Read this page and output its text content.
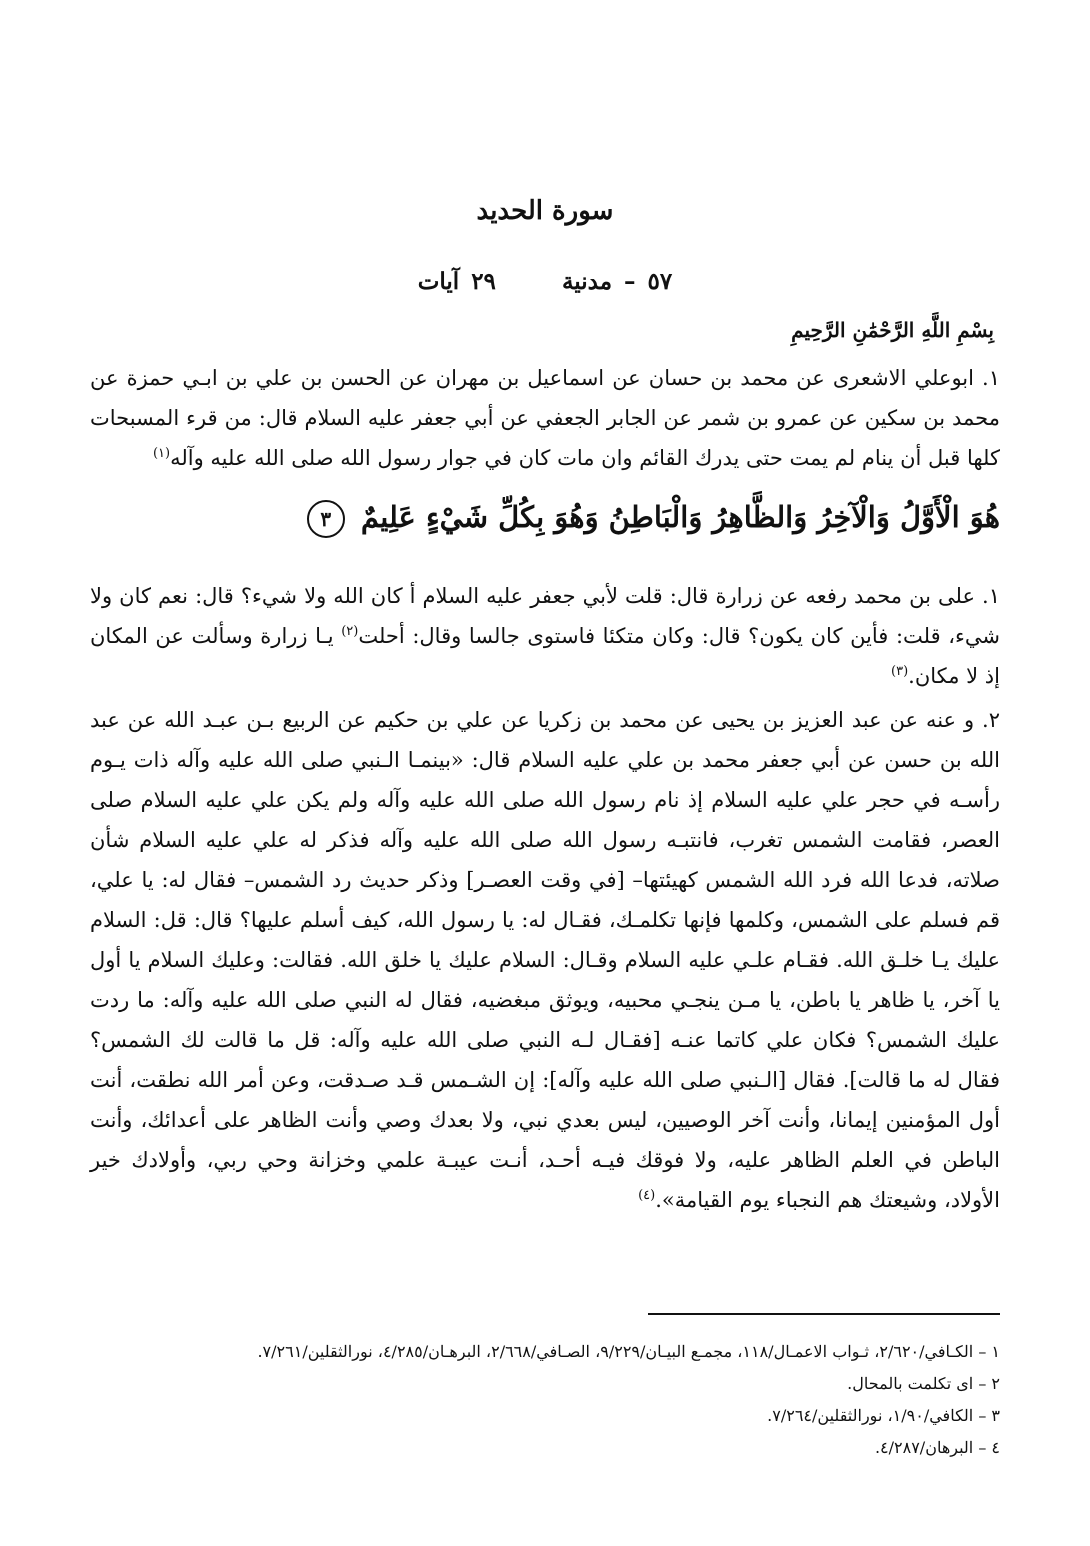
سورة الحديد
٥٧ – مدنية  ٢٩ آيات
بِسْمِ اللَّهِ الرَّحْمَٰنِ الرَّحِيمِ

١. ابوعلي الاشعرى عن محمد بن حسان عن اسماعيل بن مهران عن الحسن بن علي بن ابـي حمزة عن محمد بن سكين عن عمرو بن شمر عن الجابر الجعفي عن أبي جعفر عليه السلام قال: من قرء المسبحات كلها قبل أن ينام لم يمت حتى يدرك القائم وان مات كان في جوار رسول الله صلى الله عليه وآله$^{(١)}$

هُوَ الْأَوَّلُ وَالْآخِرُ وَالظَّاهِرُ وَالْبَاطِنُ وَهُوَ بِكُلِّ شَيْءٍ عَلِيمٌ ٣

١. على بن محمد رفعه عن زرارة قال: قلت لأبي جعفر عليه السلام أ كان الله ولا شيء؟ قال: نعم كان ولا شيء، قلت: فأين كان يكون؟ قال: وكان متكئا فاستوى جالسا وقال: أحلت$^{(٢)}$ يـا زرارة وسألت عن المكان إذ لا مكان.$^{(٣)}$

٢. و عنه عن عبد العزيز بن يحيى عن محمد بن زكريا عن علي بن حكيم عن الربيع بـن عبـد الله عن عبد الله بن حسن عن أبي جعفر محمد بن علي عليه السلام قال: «بينمـا الـنبي صلى الله عليه وآله ذات يـوم رأسـه في حجر علي عليه السلام إذ نام رسول الله صلى الله عليه وآله ولم يكن علي عليه السلام صلى العصر، فقامت الشمس تغرب، فانتبـه رسول الله صلى الله عليه وآله فذكر له علي عليه السلام شأن صلاته، فدعا الله فرد الله الشمس كهيئتها– [في وقت العصـر] وذكر حديث رد الشمس– فقال له: يا علي، قم فسلم على الشمس، وكلمها فإنها تكلمـك، فقـال له: يا رسول الله، كيف أسلم عليها؟ قال: قل: السلام عليك يـا خلـق الله. فقـام علـي عليه السلام وقـال: السلام عليك يا خلق الله. فقالت: وعليك السلام يا أول يا آخر، يا ظاهر يا باطن، يا مـن ينجـي محبيه، ويوثق مبغضيه، فقال له النبي صلى الله عليه وآله: ما ردت عليك الشمس؟ فكان علي كاتما عنـه [فقـال لـه النبي صلى الله عليه وآله: قل ما قالت لك الشمس؟ فقال له ما قالت]. فقال [الـنبي صلى الله عليه وآله]: إن الشـمس قـد صـدقت، وعن أمر الله نطقت، أنت أول المؤمنين إيمانا، وأنت آخر الوصيين، ليس بعدي نبي، ولا بعدك وصي وأنت الظاهر على أعدائك، وأنت الباطن في العلم الظاهر عليه، ولا فوقك فيـه أحـد، أنـت عيبـة علمي وخزانة وحي ربي، وأولادك خير الأولاد، وشيعتك هم النجباء يوم القيامة».$^{(٤)}$

١ – الكـافي/٢/٦٢٠، ثـواب الاعمـال/١١٨، مجمـع البيـان/٩/٢٢٩، الصـافي/٢/٦٦٨، البرهـان/٤/٢٨٥، نورالثقلين/٧/٢٦١.
٢ – اى تكلمت بالمحال.
٣ – الكافي/١/٩٠، نورالثقلين/٧/٢٦٤.
٤ – البرهان/٤/٢٨٧.
